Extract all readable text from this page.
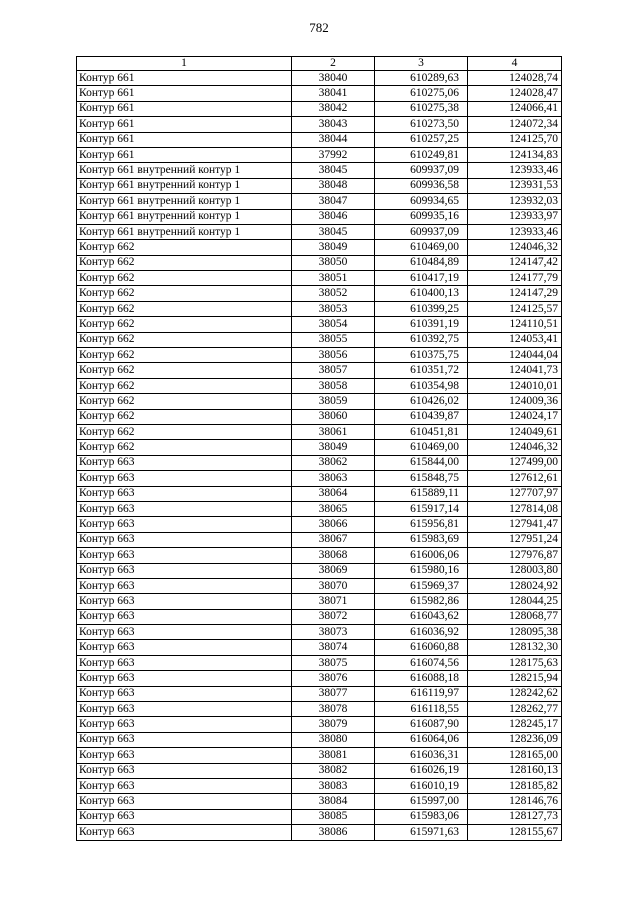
782
1	2	3	4
Контур 661	38040	610289,63	124028,74
Контур 661	38041	610275,06	124028,47
Контур 661	38042	610275,38	124066,41
Контур 661	38043	610273,50	124072,34
Контур 661	38044	610257,25	124125,70
Контур 661	37992	610249,81	124134,83
Контур 661 внутренний контур 1	38045	609937,09	123933,46
Контур 661 внутренний контур 1	38048	609936,58	123931,53
Контур 661 внутренний контур 1	38047	609934,65	123932,03
Контур 661 внутренний контур 1	38046	609935,16	123933,97
Контур 661 внутренний контур 1	38045	609937,09	123933,46
Контур 662	38049	610469,00	124046,32
Контур 662	38050	610484,89	124147,42
Контур 662	38051	610417,19	124177,79
Контур 662	38052	610400,13	124147,29
Контур 662	38053	610399,25	124125,57
Контур 662	38054	610391,19	124110,51
Контур 662	38055	610392,75	124053,41
Контур 662	38056	610375,75	124044,04
Контур 662	38057	610351,72	124041,73
Контур 662	38058	610354,98	124010,01
Контур 662	38059	610426,02	124009,36
Контур 662	38060	610439,87	124024,17
Контур 662	38061	610451,81	124049,61
Контур 662	38049	610469,00	124046,32
Контур 663	38062	615844,00	127499,00
Контур 663	38063	615848,75	127612,61
Контур 663	38064	615889,11	127707,97
Контур 663	38065	615917,14	127814,08
Контур 663	38066	615956,81	127941,47
Контур 663	38067	615983,69	127951,24
Контур 663	38068	616006,06	127976,87
Контур 663	38069	615980,16	128003,80
Контур 663	38070	615969,37	128024,92
Контур 663	38071	615982,86	128044,25
Контур 663	38072	616043,62	128068,77
Контур 663	38073	616036,92	128095,38
Контур 663	38074	616060,88	128132,30
Контур 663	38075	616074,56	128175,63
Контур 663	38076	616088,18	128215,94
Контур 663	38077	616119,97	128242,62
Контур 663	38078	616118,55	128262,77
Контур 663	38079	616087,90	128245,17
Контур 663	38080	616064,06	128236,09
Контур 663	38081	616036,31	128165,00
Контур 663	38082	616026,19	128160,13
Контур 663	38083	616010,19	128185,82
Контур 663	38084	615997,00	128146,76
Контур 663	38085	615983,06	128127,73
Контур 663	38086	615971,63	128155,67
